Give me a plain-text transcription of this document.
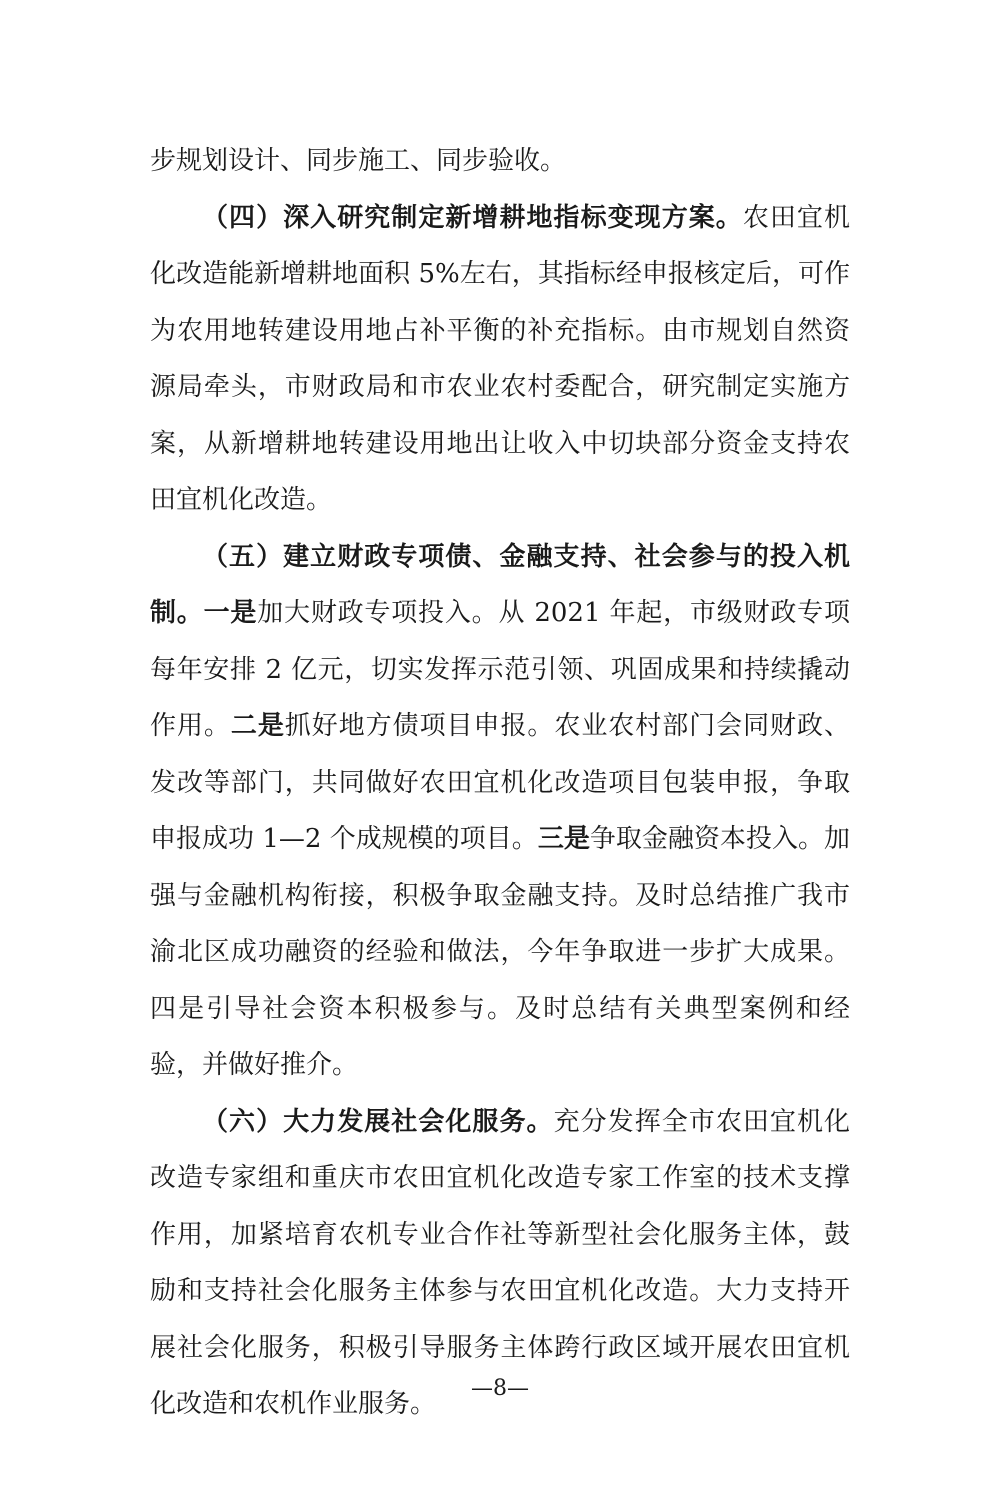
步规划设计、同步施工、同步验收。

（四）深入研究制定新增耕地指标变现方案。农田宜机化改造能新增耕地面积 5%左右，其指标经申报核定后，可作为农用地转建设用地占补平衡的补充指标。由市规划自然资源局牵头，市财政局和市农业农村委配合，研究制定实施方案，从新增耕地转建设用地出让收入中切块部分资金支持农田宜机化改造。

（五）建立财政专项债、金融支持、社会参与的投入机制。一是加大财政专项投入。从 2021 年起，市级财政专项每年安排 2 亿元，切实发挥示范引领、巩固成果和持续撬动作用。二是抓好地方债项目申报。农业农村部门会同财政、发改等部门，共同做好农田宜机化改造项目包装申报，争取申报成功 1—2 个成规模的项目。三是争取金融资本投入。加强与金融机构衔接，积极争取金融支持。及时总结推广我市渝北区成功融资的经验和做法，今年争取进一步扩大成果。四是引导社会资本积极参与。及时总结有关典型案例和经验，并做好推介。

（六）大力发展社会化服务。充分发挥全市农田宜机化改造专家组和重庆市农田宜机化改造专家工作室的技术支撑作用，加紧培育农机专业合作社等新型社会化服务主体，鼓励和支持社会化服务主体参与农田宜机化改造。大力支持开展社会化服务，积极引导服务主体跨行政区域开展农田宜机化改造和农机作业服务。

—8—
